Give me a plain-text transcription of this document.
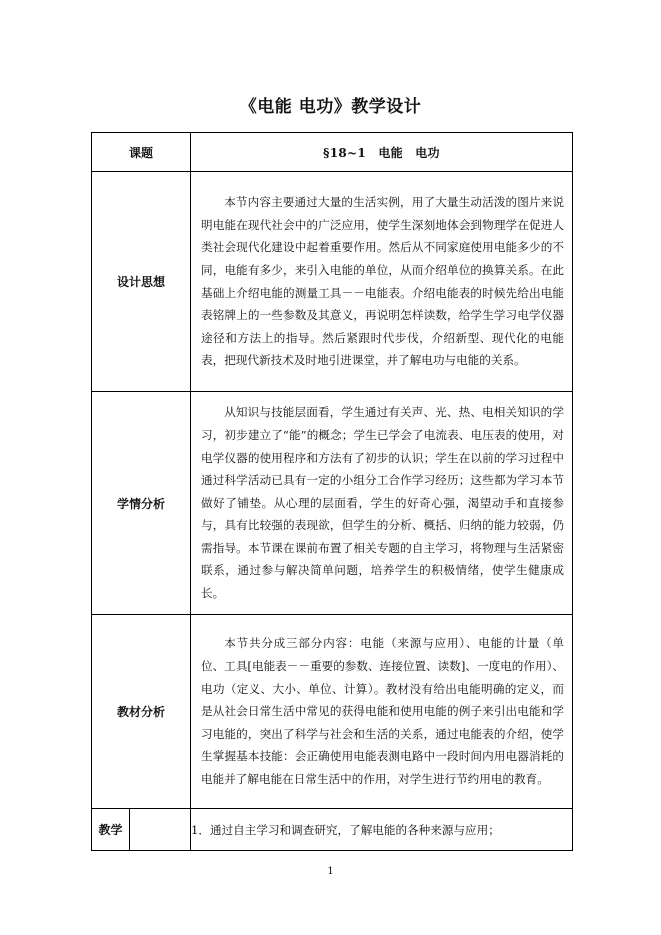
《电能 电功》教学设计
课题		§18~1　电能　电功
设计思想		本节内容主要通过大量的生活实例，用了大量生动活泼的图片来说明电能在现代社会中的广泛应用，使学生深刻地体会到物理学在促进人类社会现代化建设中起着重要作用。然后从不同家庭使用电能多少的不同，电能有多少，来引入电能的单位，从而介绍单位的换算关系。在此基础上介绍电能的测量工具－－电能表。介绍电能表的时候先给出电能表铭牌上的一些参数及其意义，再说明怎样读数，给学生学习电学仪器途径和方法上的指导。然后紧跟时代步伐，介绍新型、现代化的电能表，把现代新技术及时地引进课堂，并了解电功与电能的关系。

学情分析		从知识与技能层面看，学生通过有关声、光、热、电相关知识的学习，初步建立了“能”的概念；学生已学会了电流表、电压表的使用，对电学仪器的使用程序和方法有了初步的认识；学生在以前的学习过程中通过科学活动已具有一定的小组分工合作学习经历；这些都为学习本节做好了铺垫。从心理的层面看，学生的好奇心强，渴望动手和直接参与，具有比较强的表现欲，但学生的分析、概括、归纳的能力较弱，仍需指导。本节课在课前布置了相关专题的自主学习，将物理与生活紧密联系，通过参与解决简单问题，培养学生的积极情绪，使学生健康成长。

教材分析		本节共分成三部分内容：电能（来源与应用）、电能的计量（单位、工具[电能表－－重要的参数、连接位置、读数]、一度电的作用）、电功（定义、大小、单位、计算）。教材没有给出电能明确的定义，而是从社会日常生活中常见的获得电能和使用电能的例子来引出电能和学习电能的，突出了科学与社会和生活的关系，通过电能表的介绍，使学生掌握基本技能：会正确使用电能表测电路中一段时间内用电器消耗的电能并了解电能在日常生活中的作用，对学生进行节约用电的教育。

教学		1．通过自主学习和调查研究，了解电能的各种来源与应用；
1
